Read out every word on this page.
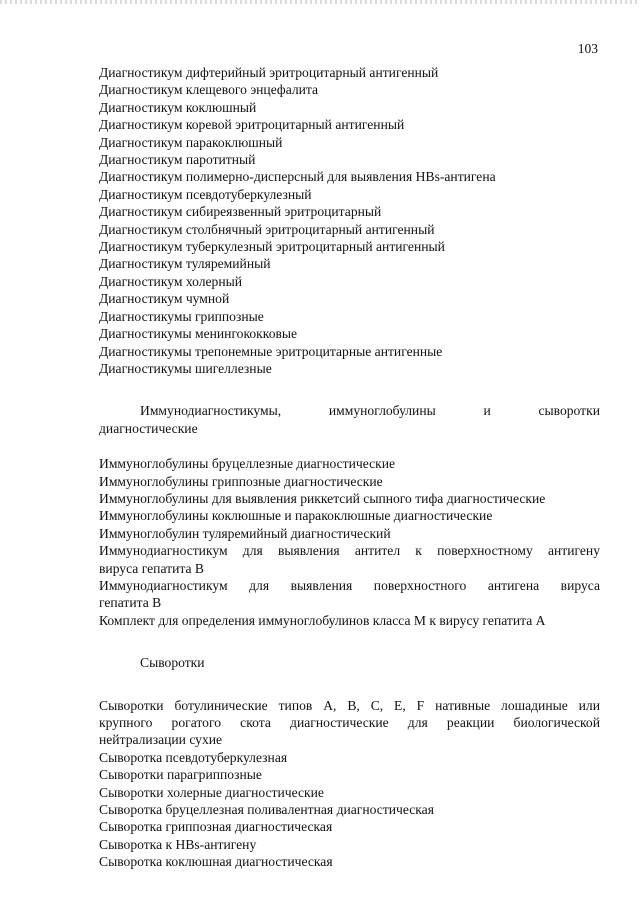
103

Диагностикум дифтерийный эритроцитарный антигенный

Диагностикум клещевого энцефалита

Диагностикум коклюшный

Диагностикум коревой эритроцитарный антигенный

Диагностикум паракоклюшный

Диагностикум паротитный

Диагностикум полимерно-дисперсный для выявления HBs-антигена

Диагностикум псевдотуберкулезный

Диагностикум сибиреязвенный эритроцитарный

Диагностикум столбнячный эритроцитарный антигенный

Диагностикум туберкулезный эритроцитарный антигенный

Диагностикум туляремийный

Диагностикум холерный

Диагностикум чумной

Диагностикумы гриппозные

Диагностикумы менингококковые

Диагностикумы трепонемные эритроцитарные антигенные

Диагностикумы шигеллезные

Иммунодиагностикумы, иммуноглобулины и сыворотки

диагностические

Иммуноглобулины бруцеллезные диагностические

Иммуноглобулины гриппозные диагностические

Иммуноглобулины для выявления риккетсий сыпного тифа диагностические

Иммуноглобулины коклюшные и паракоклюшные диагностические

Иммуноглобулин туляремийный диагностический

Иммунодиагностикум для выявления антител к поверхностному антигену

вируса гепатита В

Иммунодиагностикум для выявления поверхностного антигена вируса

гепатита В

Комплект для определения иммуноглобулинов класса М к вирусу гепатита А

Сыворотки

Сыворотки ботулинические типов А, В, С, Е, F нативные лошадиные или

крупного рогатого скота диагностические для реакции биологической

нейтрализации сухие

Сыворотка псевдотуберкулезная

Сыворотки парагриппозные

Сыворотки холерные диагностические

Сыворотка бруцеллезная поливалентная диагностическая

Сыворотка гриппозная диагностическая

Сыворотка к HBs-антигену

Сыворотка коклюшная диагностическая
